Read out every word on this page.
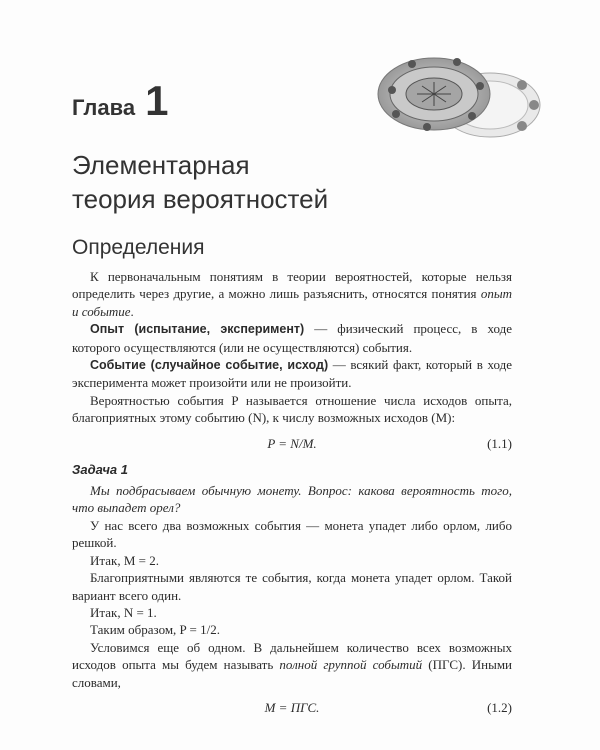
Глава 1
Элементарная
теория вероятностей
Определения

К первоначальным понятиям в теории вероятностей, которые нельзя определить через другие, а можно лишь разъяснить, относятся понятия опыт и событие.

Опыт (испытание, эксперимент) — физический процесс, в ходе которого осуществляются (или не осуществляются) события.

Событие (случайное событие, исход) — всякий факт, который в ходе эксперимента может произойти или не произойти.

Вероятностью события P называется отношение числа исходов опыта, благоприятных этому событию (N), к числу возможных исходов (M):

P = N/M.	(1.1)
Задача 1

Мы подбрасываем обычную монету. Вопрос: какова вероятность того, что выпадет орел?

У нас всего два возможных события — монета упадет либо орлом, либо решкой.

Итак, M = 2.

Благоприятными являются те события, когда монета упадет орлом. Такой вариант всего один.

Итак, N = 1.

Таким образом, P = 1/2.

Условимся еще об одном. В дальнейшем количество всех возможных исходов опыта мы будем называть полной группой событий (ПГС). Иными словами,

M = ПГС.	(1.2)
